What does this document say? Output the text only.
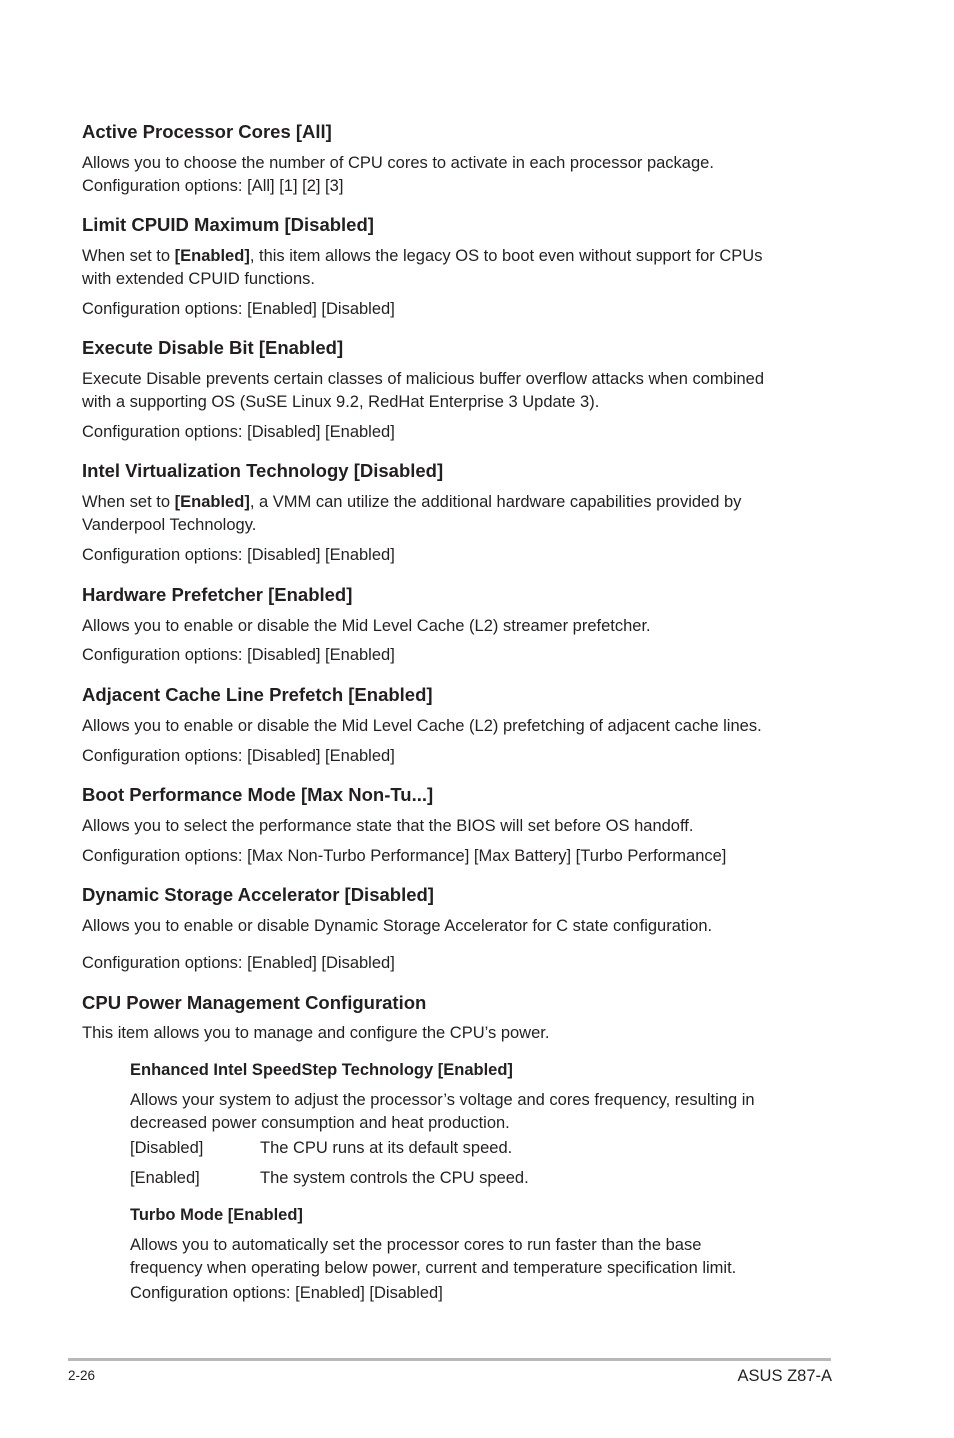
Active Processor Cores [All]
Allows you to choose the number of CPU cores to activate in each processor package.
Configuration options: [All] [1] [2] [3]
Limit CPUID Maximum [Disabled]
When set to [Enabled], this item allows the legacy OS to boot even without support for CPUs
with extended CPUID functions.
Configuration options: [Enabled] [Disabled]
Execute Disable Bit [Enabled]
Execute Disable prevents certain classes of malicious buffer overflow attacks when combined
with a supporting OS (SuSE Linux 9.2, RedHat Enterprise 3 Update 3).
Configuration options: [Disabled] [Enabled]
Intel Virtualization Technology [Disabled]
When set to [Enabled], a VMM can utilize the additional hardware capabilities provided by
Vanderpool Technology.
Configuration options: [Disabled] [Enabled]
Hardware Prefetcher [Enabled]
Allows you to enable or disable the Mid Level Cache (L2) streamer prefetcher.
Configuration options: [Disabled] [Enabled]
Adjacent Cache Line Prefetch [Enabled]
Allows you to enable or disable the Mid Level Cache (L2) prefetching of adjacent cache lines.
Configuration options: [Disabled] [Enabled]
Boot Performance Mode [Max Non-Tu...]
Allows you to select the performance state that the BIOS will set before OS handoff.
Configuration options: [Max Non-Turbo Performance] [Max Battery] [Turbo Performance]
Dynamic Storage Accelerator [Disabled]
Allows you to enable or disable Dynamic Storage Accelerator for C state configuration.
Configuration options: [Enabled] [Disabled]
CPU Power Management Configuration
This item allows you to manage and configure the CPU’s power.
Enhanced Intel SpeedStep Technology [Enabled]
Allows your system to adjust the processor’s voltage and cores frequency, resulting in
decreased power consumption and heat production.
[Disabled]	The CPU runs at its default speed.
[Enabled]	The system controls the CPU speed.
Turbo Mode [Enabled]
Allows you to automatically set the processor cores to run faster than the base
frequency when operating below power, current and temperature specification limit.
Configuration options: [Enabled] [Disabled]
2-26	ASUS Z87-A
